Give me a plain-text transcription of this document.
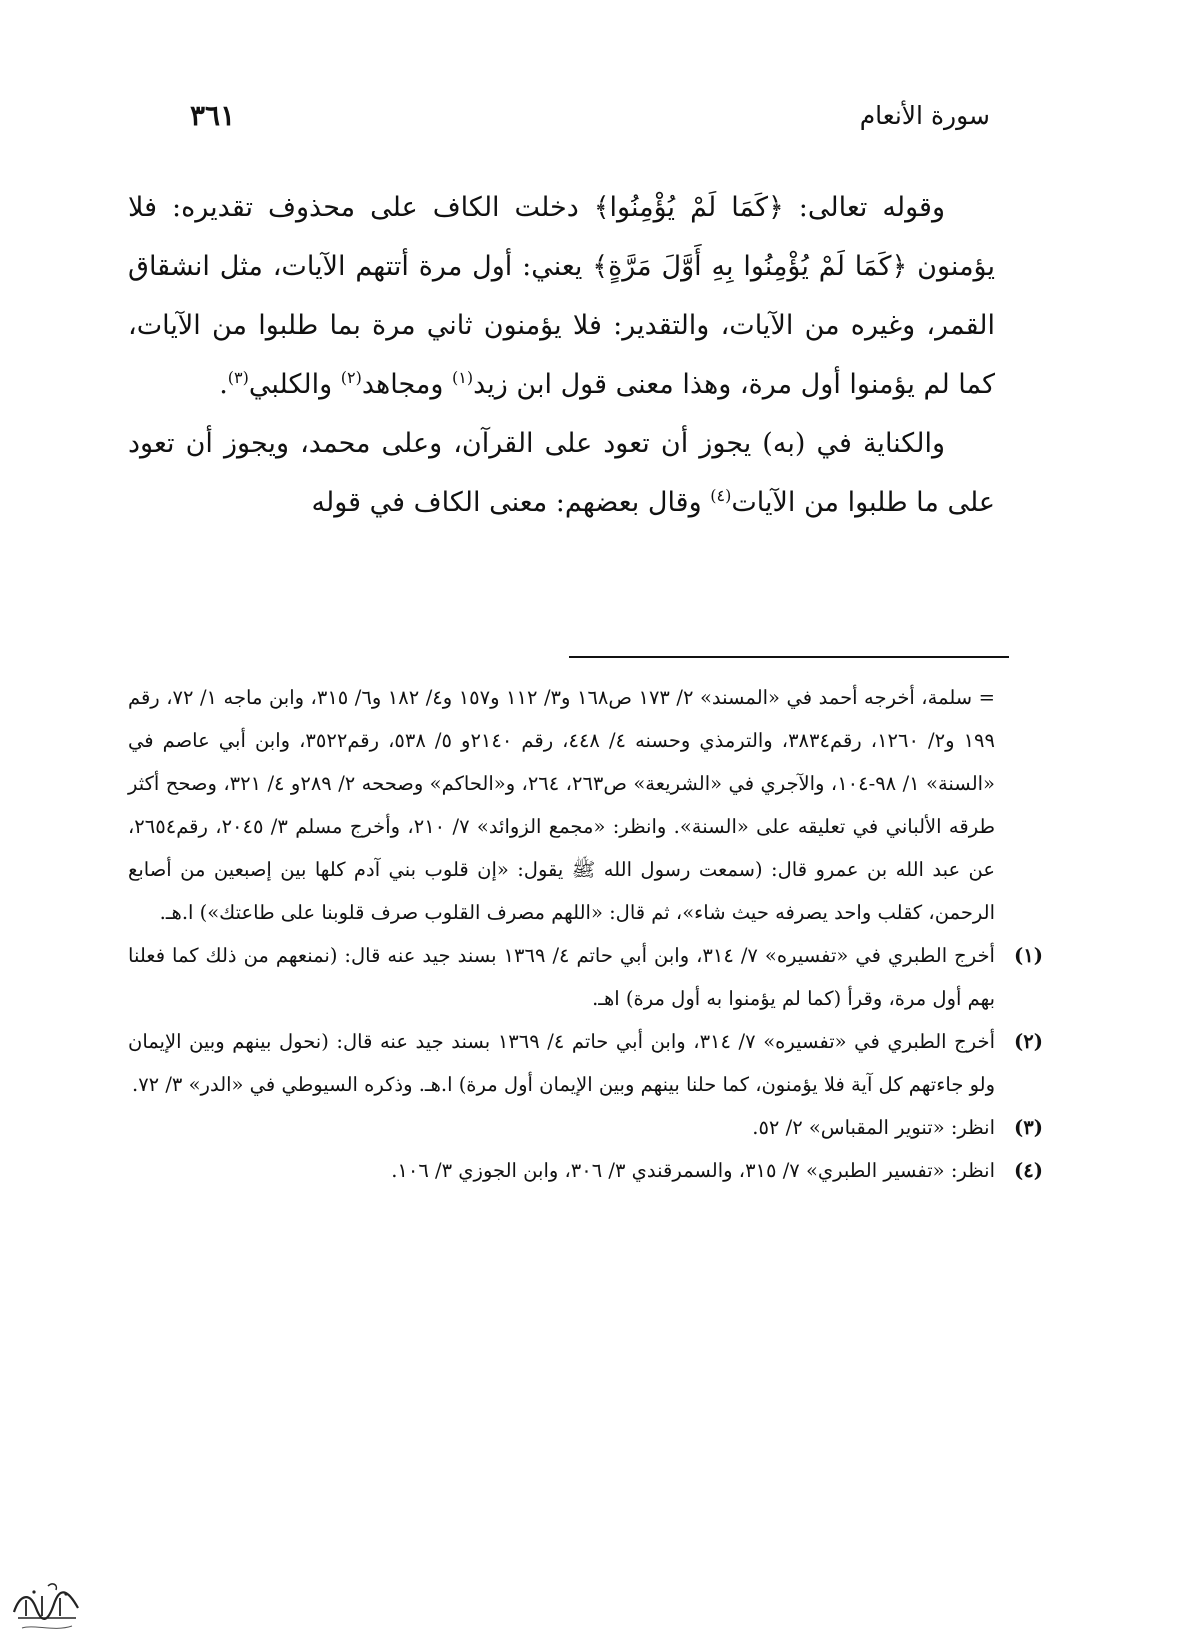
سورة الأنعام
٣٦١

وقوله تعالى: ﴿كَمَا لَمْ يُؤْمِنُوا﴾ دخلت الكاف على محذوف تقديره: فلا يؤمنون ﴿كَمَا لَمْ يُؤْمِنُوا بِهِ أَوَّلَ مَرَّةٍ﴾ يعني: أول مرة أتتهم الآيات، مثل انشقاق القمر، وغيره من الآيات، والتقدير: فلا يؤمنون ثاني مرة بما طلبوا من الآيات، كما لم يؤمنوا أول مرة، وهذا معنى قول ابن زيد$^{(١)}$ ومجاهد$^{(٢)}$ والكلبي$^{(٣)}$.

والكناية في (به) يجوز أن تعود على القرآن، وعلى محمد، ويجوز أن تعود على ما طلبوا من الآيات$^{(٤)}$ وقال بعضهم: معنى الكاف في قوله

= سلمة، أخرجه أحمد في «المسند» ٢/ ١٧٣ ص١٦٨ و٣/ ١١٢ و١٥٧ و٤/ ١٨٢ و٦/ ٣١٥، وابن ماجه ١/ ٧٢، رقم ١٩٩ و٢/ ١٢٦٠، رقم٣٨٣٤، والترمذي وحسنه ٤/ ٤٤٨، رقم ٢١٤٠و ٥/ ٥٣٨، رقم٣٥٢٢، وابن أبي عاصم في «السنة» ١/ ٩٨-١٠٤، والآجري في «الشريعة» ص٢٦٣، ٢٦٤، و«الحاكم» وصححه ٢/ ٢٨٩و ٤/ ٣٢١، وصحح أكثر طرقه الألباني في تعليقه على «السنة». وانظر: «مجمع الزوائد» ٧/ ٢١٠، وأخرج مسلم ٣/ ٢٠٤٥، رقم٢٦٥٤، عن عبد الله بن عمرو قال: (سمعت رسول الله ﷺ يقول: «إن قلوب بني آدم كلها بين إصبعين من أصابع الرحمن، كقلب واحد يصرفه حيث شاء»، ثم قال: «اللهم مصرف القلوب صرف قلوبنا على طاعتك») ا.هـ.

(١)
أخرج الطبري في «تفسيره» ٧/ ٣١٤، وابن أبي حاتم ٤/ ١٣٦٩ بسند جيد عنه قال: (نمنعهم من ذلك كما فعلنا بهم أول مرة، وقرأ (كما لم يؤمنوا به أول مرة) اهـ.
(٢)
أخرج الطبري في «تفسيره» ٧/ ٣١٤، وابن أبي حاتم ٤/ ١٣٦٩ بسند جيد عنه قال: (نحول بينهم وبين الإيمان ولو جاءتهم كل آية فلا يؤمنون، كما حلنا بينهم وبين الإيمان أول مرة) ا.هـ. وذكره السيوطي في «الدر» ٣/ ٧٢.
(٣)
انظر: «تنوير المقباس» ٢/ ٥٢.
(٤)
انظر: «تفسير الطبري» ٧/ ٣١٥، والسمرقندي ٣/ ٣٠٦، وابن الجوزي ٣/ ١٠٦.
